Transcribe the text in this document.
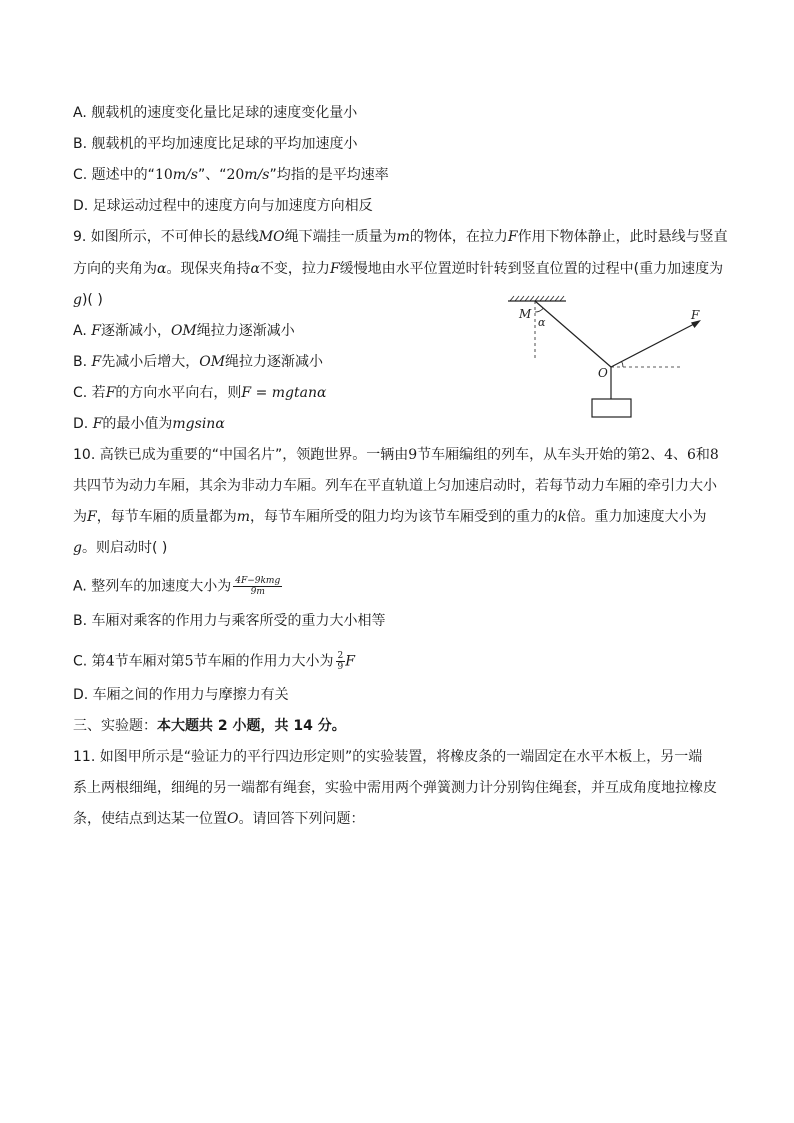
A. 舰载机的速度变化量比足球的速度变化量小
B. 舰载机的平均加速度比足球的平均加速度小
C. 题述中的“10m/s”、“20m/s”均指的是平均速率
D. 足球运动过程中的速度方向与加速度方向相反
9. 如图所示，不可伸长的悬线MO绳下端挂一质量为m的物体，在拉力F作用下物体静止，此时悬线与竖直
方向的夹角为α。现保夹角持α不变，拉力F缓慢地由水平位置逆时针转到竖直位置的过程中(重力加速度为
g)( )
A. F逐渐减小，OM绳拉力逐渐减小
B. F先减小后增大，OM绳拉力逐渐减小
C. 若F的方向水平向右，则F = mgtanα
D. F的最小值为mgsinα
M
α
O
F
10. 高铁已成为重要的“中国名片”，领跑世界。一辆由9节车厢编组的列车，从车头开始的第2、4、6和8
共四节为动力车厢，其余为非动力车厢。列车在平直轨道上匀加速启动时，若每节动力车厢的牵引力大小
为F，每节车厢的质量都为m，每节车厢所受的阻力均为该节车厢受到的重力的k倍。重力加速度大小为
g。则启动时( )
A. 整列车的加速度大小为 $\frac{\text{4F−9kmg}}{9m}$
B. 车厢对乘客的作用力与乘客所受的重力大小相等
C. 第4节车厢对第5节车厢的作用力大小为 $\frac{2}{9}$ F
D. 车厢之间的作用力与摩擦力有关
三、实验题：本大题共 2 小题，共 14 分。
11. 如图甲所示是“验证力的平行四边形定则”的实验装置，将橡皮条的一端固定在水平木板上，另一端
系上两根细绳，细绳的另一端都有绳套，实验中需用两个弹簧测力计分别钩住绳套，并互成角度地拉橡皮
条，使结点到达某一位置O。请回答下列问题：
